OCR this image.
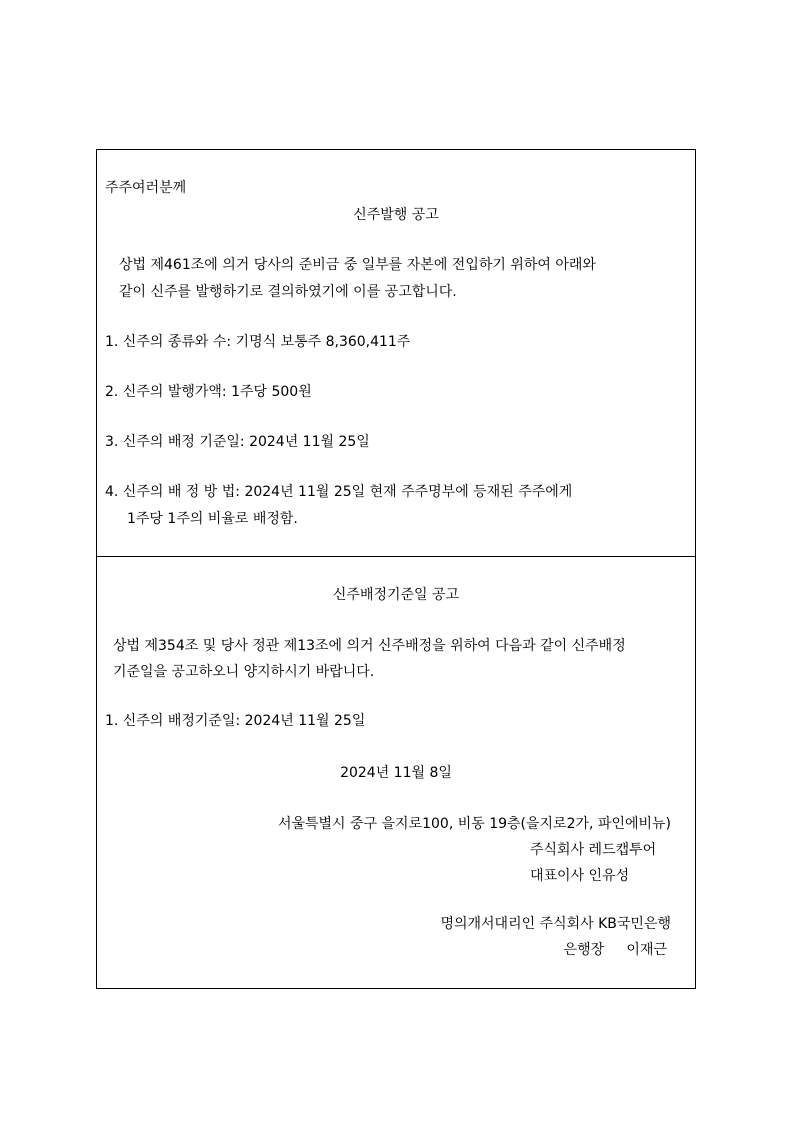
주주여러분께
신주발행 공고
상법 제461조에 의거 당사의 준비금 중 일부를 자본에 전입하기 위하여 아래와
같이 신주를 발행하기로 결의하였기에 이를 공고합니다.
1. 신주의 종류와 수: 기명식 보통주 8,360,411주
2. 신주의 발행가액: 1주당 500원
3. 신주의 배정 기준일: 2024년 11월 25일
4. 신주의 배 정 방 법: 2024년 11월 25일 현재 주주명부에 등재된 주주에게
1주당 1주의 비율로 배정함.
신주배정기준일 공고
상법 제354조 및 당사 정관 제13조에 의거 신주배정을 위하여 다음과 같이 신주배정
기준일을 공고하오니 양지하시기 바랍니다.
1. 신주의 배정기준일: 2024년 11월 25일
2024년 11월 8일
서울특별시 중구 을지로100, 비동 19층(을지로2가, 파인에비뉴)
주식회사 레드캡투어
대표이사 인유성
명의개서대리인 주식회사 KB국민은행
은행장     이재근
